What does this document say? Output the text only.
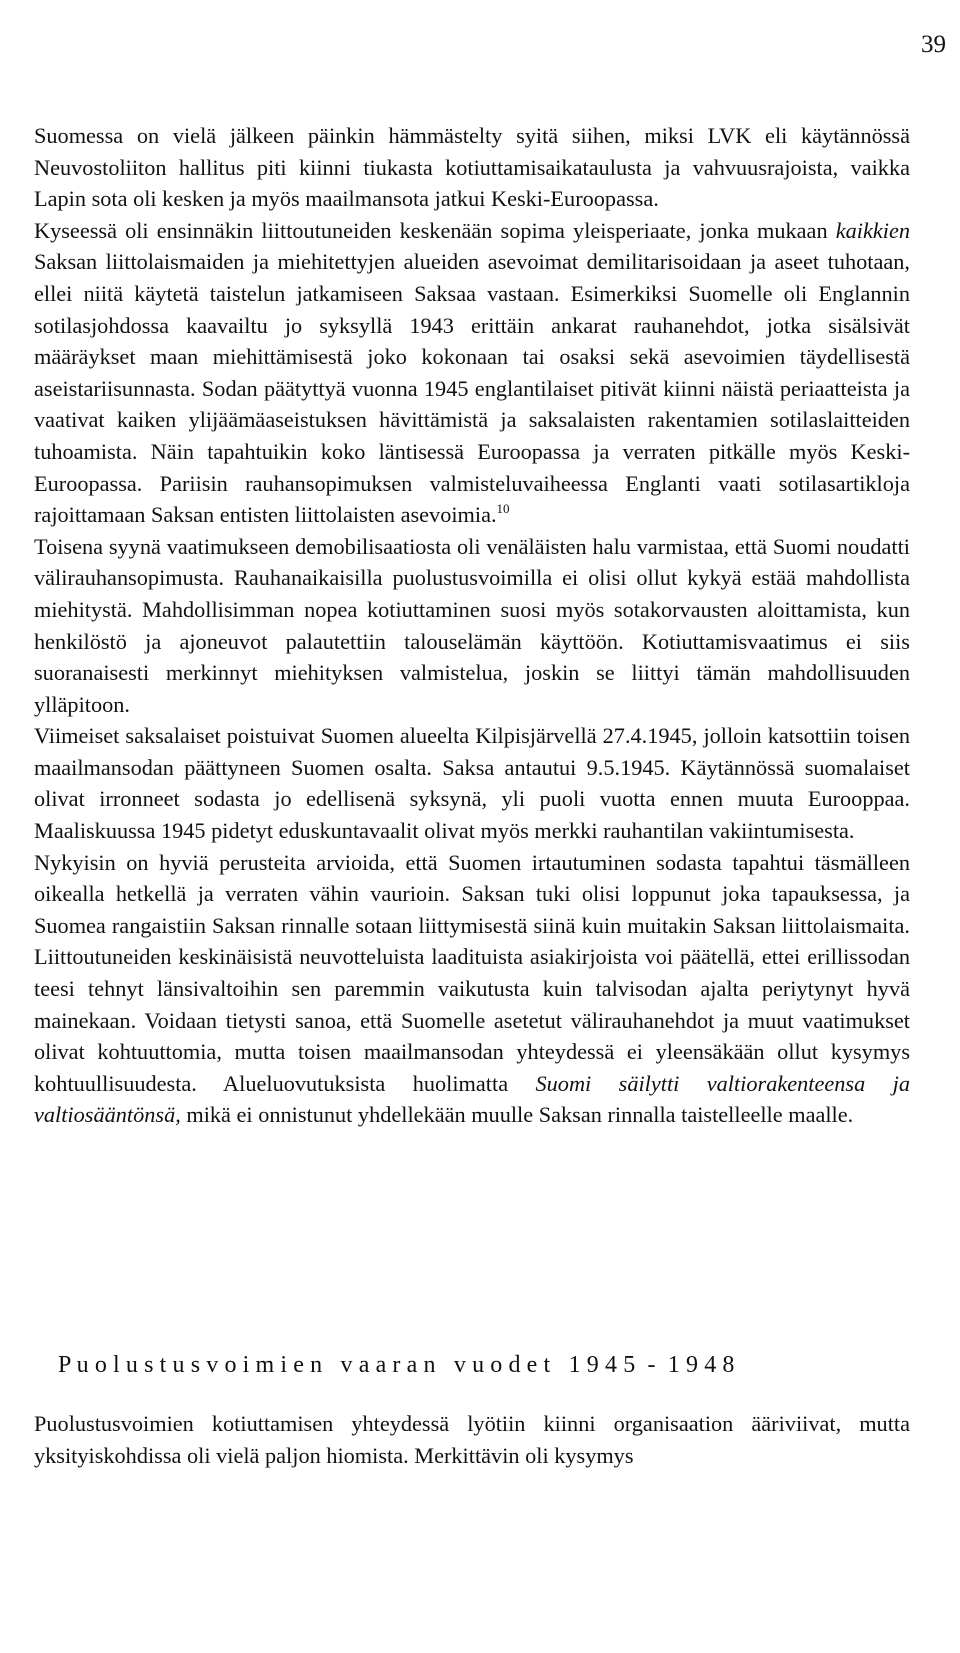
39

Suomessa on vielä jälkeen päinkin hämmästelty syitä siihen, miksi LVK eli käytännössä Neuvostoliiton hallitus piti kiinni tiukasta kotiuttamisaikataulusta ja vahvuusrajoista, vaikka Lapin sota oli kesken ja myös maailmansota jatkui Keski-Euroopassa.

Kyseessä oli ensinnäkin liittoutuneiden keskenään sopima yleisperiaate, jonka mukaan kaikkien Saksan liittolaismaiden ja miehitettyjen alueiden asevoimat demilitarisoidaan ja aseet tuhotaan, ellei niitä käytetä taistelun jatkamiseen Saksaa vastaan. Esimerkiksi Suomelle oli Englannin sotilasjohdossa kaavailtu jo syksyllä 1943 erittäin ankarat rauhanehdot, jotka sisälsivät määräykset maan miehittämisestä joko kokonaan tai osaksi sekä asevoimien täydellisestä aseistariisunnasta. Sodan päätyttyä vuonna 1945 englantilaiset pitivät kiinni näistä periaatteista ja vaativat kaiken ylijäämäaseistuksen hävittämistä ja saksalaisten rakentamien sotilaslaitteiden tuhoamista. Näin tapahtuikin koko läntisessä Euroopassa ja verraten pitkälle myös Keski-Euroopassa. Pariisin rauhansopimuksen valmisteluvaiheessa Englanti vaati sotilasartikloja rajoittamaan Saksan entisten liittolaisten asevoimia.$^{10}$

Toisena syynä vaatimukseen demobilisaatiosta oli venäläisten halu varmistaa, että Suomi noudatti välirauhansopimusta. Rauhanaikaisilla puolustusvoimilla ei olisi ollut kykyä estää mahdollista miehitystä. Mahdollisimman nopea kotiuttaminen suosi myös sotakorvausten aloittamista, kun henkilöstö ja ajoneuvot palautettiin talouselämän käyttöön. Kotiuttamisvaatimus ei siis suoranaisesti merkinnyt miehityksen valmistelua, joskin se liittyi tämän mahdollisuuden ylläpitoon.

Viimeiset saksalaiset poistuivat Suomen alueelta Kilpisjärvellä 27.4.1945, jolloin katsottiin toisen maailmansodan päättyneen Suomen osalta. Saksa antautui 9.5.1945. Käytännössä suomalaiset olivat irronneet sodasta jo edellisenä syksynä, yli puoli vuotta ennen muuta Eurooppaa. Maaliskuussa 1945 pidetyt eduskuntavaalit olivat myös merkki rauhantilan vakiintumisesta.

Nykyisin on hyviä perusteita arvioida, että Suomen irtautuminen sodasta tapahtui täsmälleen oikealla hetkellä ja verraten vähin vaurioin. Saksan tuki olisi loppunut joka tapauksessa, ja Suomea rangaistiin Saksan rinnalle sotaan liittymisestä siinä kuin muitakin Saksan liittolaismaita. Liittoutuneiden keskinäisistä neuvotteluista laadituista asiakirjoista voi päätellä, ettei erillissodan teesi tehnyt länsivaltoihin sen paremmin vaikutusta kuin talvisodan ajalta periytynyt hyvä mainekaan. Voidaan tietysti sanoa, että Suomelle asetetut välirauhanehdot ja muut vaatimukset olivat kohtuuttomia, mutta toisen maailmansodan yhteydessä ei yleensäkään ollut kysymys kohtuullisuudesta. Alueluovutuksista huolimatta Suomi säilytti valtiorakenteensa ja valtiosääntönsä, mikä ei onnistunut yhdellekään muulle Saksan rinnalla taistelleelle maalle.

P u o l u s t u s v o i m i e n   v a a r a n   v u o d e t   1 9 4 5  -  1 9 4 8

Puolustusvoimien kotiuttamisen yhteydessä lyötiin kiinni organisaation ääriviivat, mutta yksityiskohdissa oli vielä paljon hiomista. Merkittävin oli kysymys
